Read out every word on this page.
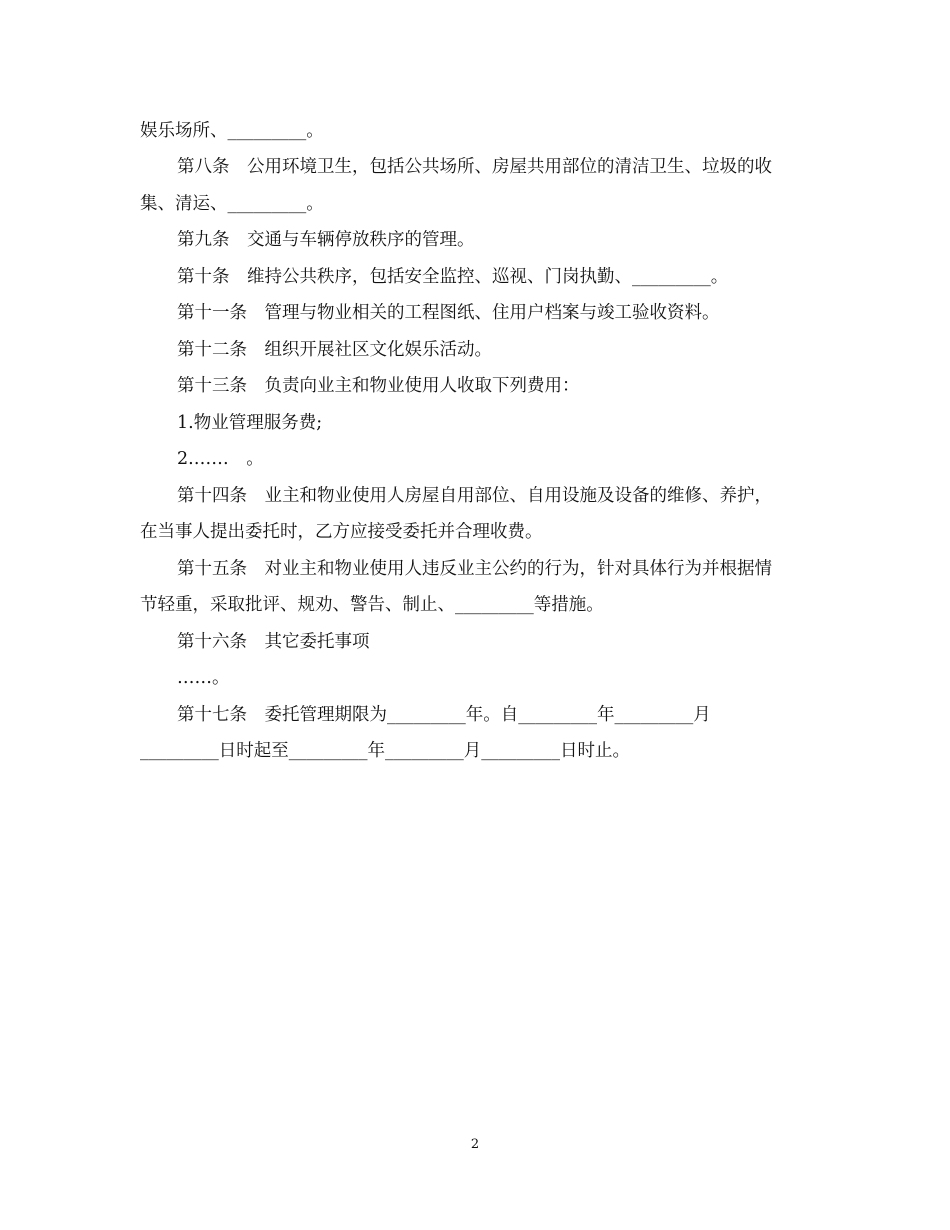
娱乐场所、_________。
第八条　公用环境卫生，包括公共场所、房屋共用部位的清洁卫生、垃圾的收
集、清运、_________。
第九条　交通与车辆停放秩序的管理。
第十条　维持公共秩序，包括安全监控、巡视、门岗执勤、_________。
第十一条　管理与物业相关的工程图纸、住用户档案与竣工验收资料。
第十二条　组织开展社区文化娱乐活动。
第十三条　负责向业主和物业使用人收取下列费用：
1.物业管理服务费;
2.……　。
第十四条　业主和物业使用人房屋自用部位、自用设施及设备的维修、养护，
在当事人提出委托时，乙方应接受委托并合理收费。
第十五条　对业主和物业使用人违反业主公约的行为，针对具体行为并根据情
节轻重，采取批评、规劝、警告、制止、_________等措施。
第十六条　其它委托事项
……。
第十七条　委托管理期限为_________年。自_________年_________月
_________日时起至_________年_________月_________日时止。
2
